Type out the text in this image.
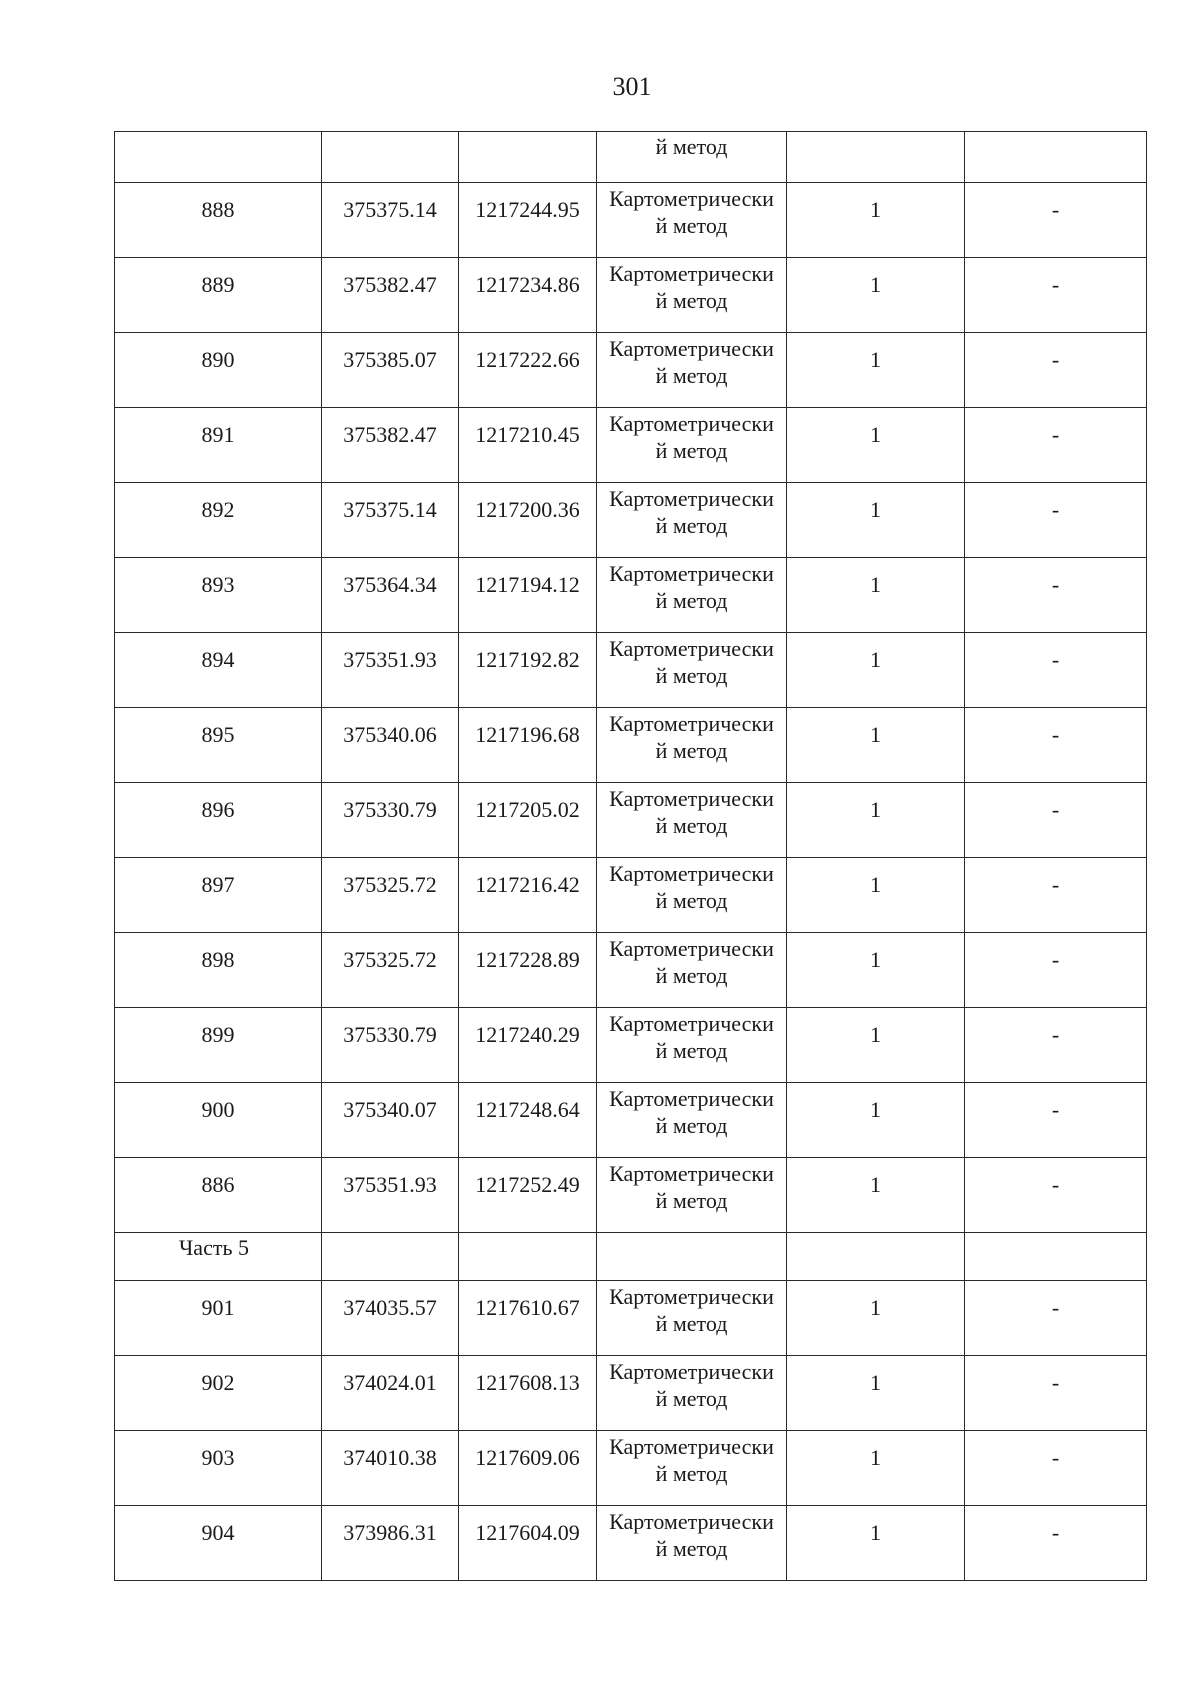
301
			й метод		
888	375375.14	1217244.95	Картометрически
й метод	1	-
889	375382.47	1217234.86	Картометрически
й метод	1	-
890	375385.07	1217222.66	Картометрически
й метод	1	-
891	375382.47	1217210.45	Картометрически
й метод	1	-
892	375375.14	1217200.36	Картометрически
й метод	1	-
893	375364.34	1217194.12	Картометрически
й метод	1	-
894	375351.93	1217192.82	Картометрически
й метод	1	-
895	375340.06	1217196.68	Картометрически
й метод	1	-
896	375330.79	1217205.02	Картометрически
й метод	1	-
897	375325.72	1217216.42	Картометрически
й метод	1	-
898	375325.72	1217228.89	Картометрически
й метод	1	-
899	375330.79	1217240.29	Картометрически
й метод	1	-
900	375340.07	1217248.64	Картометрически
й метод	1	-
886	375351.93	1217252.49	Картометрически
й метод	1	-
Часть 5					
901	374035.57	1217610.67	Картометрически
й метод	1	-
902	374024.01	1217608.13	Картометрически
й метод	1	-
903	374010.38	1217609.06	Картометрически
й метод	1	-
904	373986.31	1217604.09	Картометрически
й метод	1	-
